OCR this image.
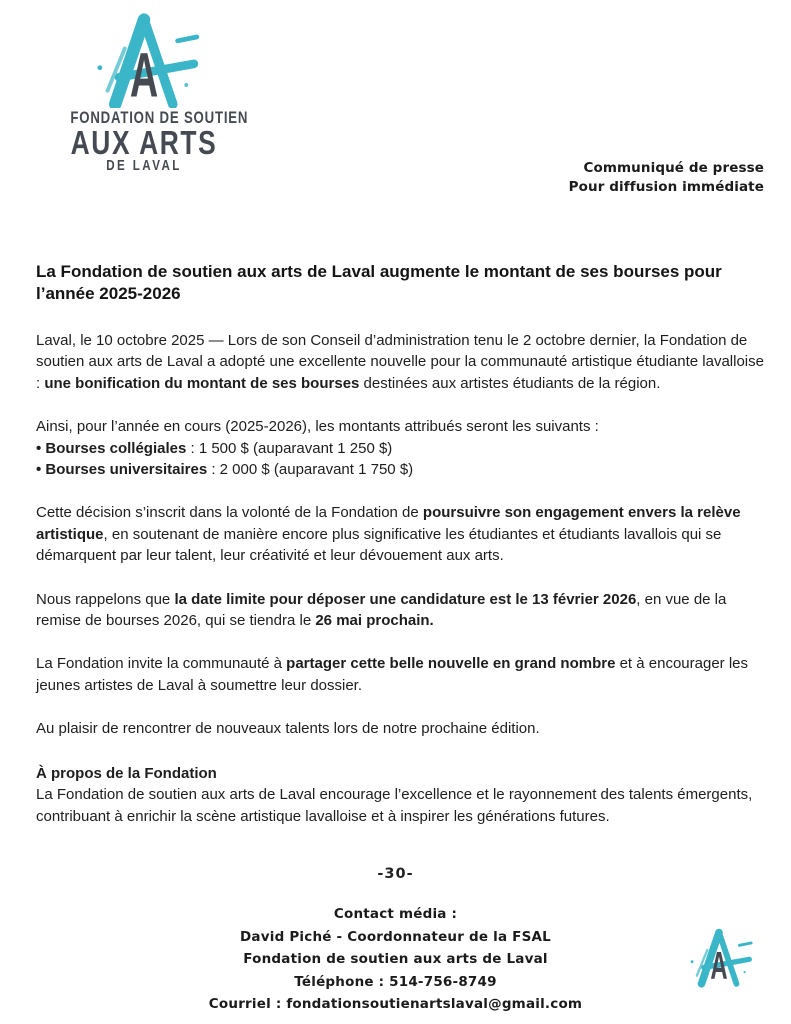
A
FONDATION DE SOUTIEN
AUX ARTS
DE LAVAL	Communiqué de presse
Pour diffusion immédiate
La Fondation de soutien aux arts de Laval augmente le montant de ses bourses pour l’année 2025-2026

Laval, le 10 octobre 2025 — Lors de son Conseil d’administration tenu le 2 octobre dernier, la Fondation de soutien aux arts de Laval a adopté une excellente nouvelle pour la communauté artistique étudiante lavalloise : une bonification du montant de ses bourses destinées aux artistes étudiants de la région.

Ainsi, pour l’année en cours (2025-2026), les montants attribués seront les suivants :
• Bourses collégiales : 1 500 $ (auparavant 1 250 $)
• Bourses universitaires : 2 000 $ (auparavant 1 750 $)

Cette décision s’inscrit dans la volonté de la Fondation de poursuivre son engagement envers la relève artistique, en soutenant de manière encore plus significative les étudiantes et étudiants lavallois qui se démarquent par leur talent, leur créativité et leur dévouement aux arts.

Nous rappelons que la date limite pour déposer une candidature est le 13 février 2026, en vue de la remise de bourses 2026, qui se tiendra le 26 mai prochain.

La Fondation invite la communauté à partager cette belle nouvelle en grand nombre et à encourager les jeunes artistes de Laval à soumettre leur dossier.

Au plaisir de rencontrer de nouveaux talents lors de notre prochaine édition.

À propos de la Fondation

La Fondation de soutien aux arts de Laval encourage l’excellence et le rayonnement des talents émergents, contribuant à enrichir la scène artistique lavalloise et à inspirer les générations futures.

-30-
Contact média :
David Piché - Coordonnateur de la FSAL
Fondation de soutien aux arts de Laval
Téléphone : 514-756-8749
Courriel : fondationsoutienartslaval@gmail.com
A
